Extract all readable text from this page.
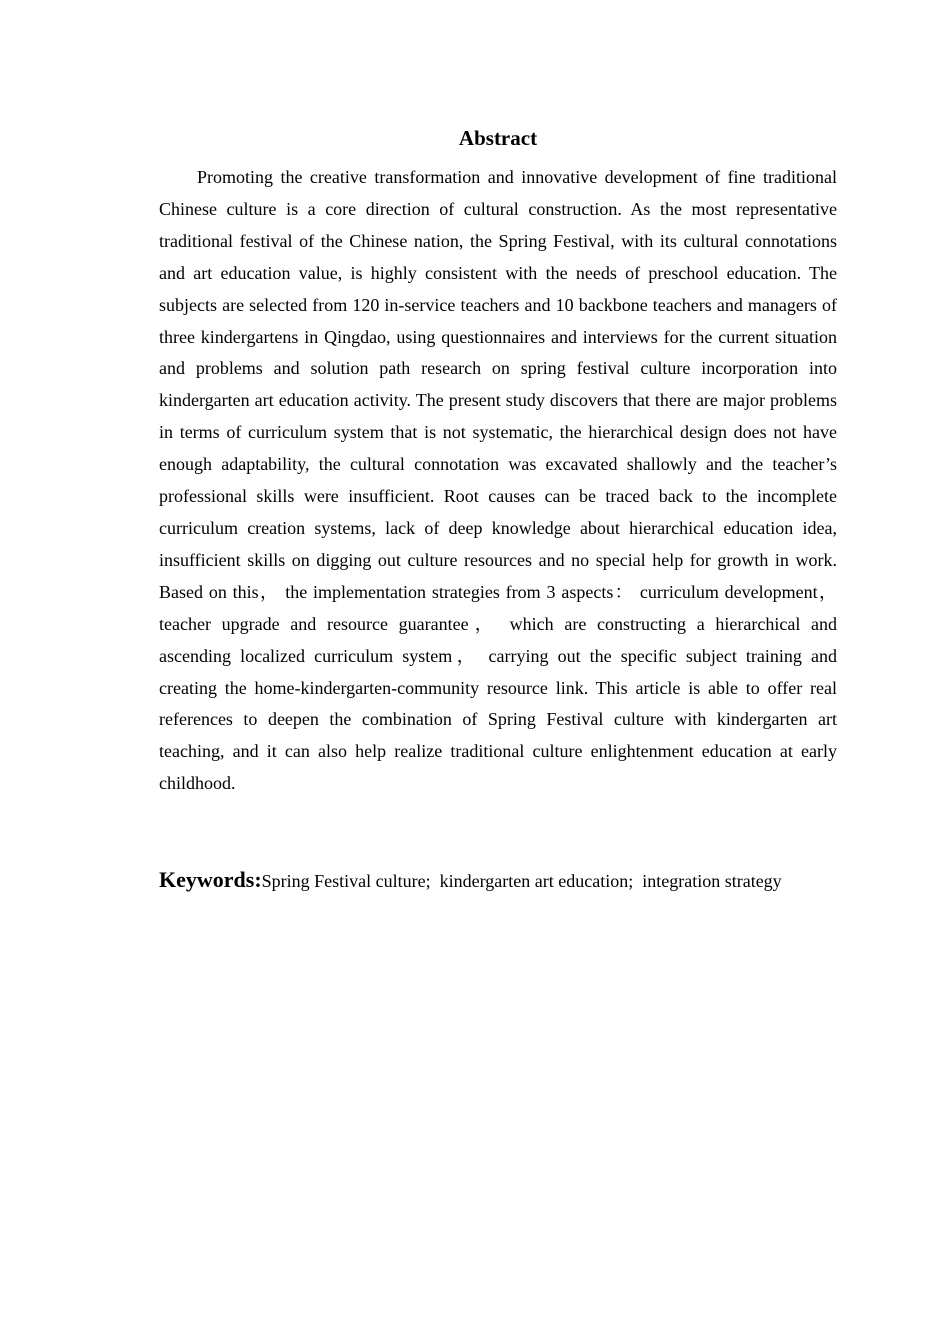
Abstract

Promoting the creative transformation and innovative development of fine traditional Chinese culture is a core direction of cultural construction. As the most representative traditional festival of the Chinese nation, the Spring Festival, with its cultural connotations and art education value, is highly consistent with the needs of preschool education. The subjects are selected from 120 in-service teachers and 10 backbone teachers and managers of three kindergartens in Qingdao, using questionnaires and interviews for the current situation and problems and solution path research on spring festival culture incorporation into kindergarten art education activity. The present study discovers that there are major problems in terms of curriculum system that is not systematic, the hierarchical design does not have enough adaptability, the cultural connotation was excavated shallowly and the teacher’s professional skills were insufficient. Root causes can be traced back to the incomplete curriculum creation systems, lack of deep knowledge about hierarchical education idea, insufficient skills on digging out culture resources and no special help for growth in work. Based on this， the implementation strategies from 3 aspects： curriculum development， teacher upgrade and resource guarantee， which are constructing a hierarchical and ascending localized curriculum system， carrying out the specific subject training and creating the home-kindergarten-community resource link. This article is able to offer real references to deepen the combination of Spring Festival culture with kindergarten art teaching, and it can also help realize traditional culture enlightenment education at early childhood.

Keywords:Spring Festival culture;  kindergarten art education;  integration strategy
